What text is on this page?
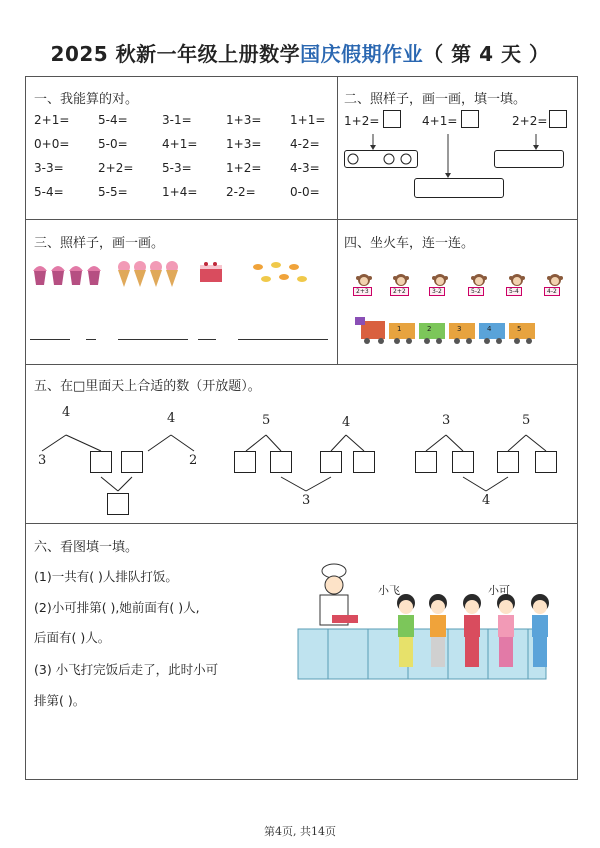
2025 秋新一年级上册数学国庆假期作业（ 第 4 天 ）
一、我能算的对。
2+1= 5-4=	3-1=	1+3= 1+1=
0+0= 5-0=	4+1= 1+3= 4-2=
3-3=	2+2= 5-3=	1+2= 4-3=
5-4=	5-5=	1+4= 2-2=	0-0=
二、照样子，画一画，填一填。
1+2=	4+1=	2+2=
三、照样子，画一画。	四、坐火车，连一连。
2+3	2+2	3-2	5-2	5-4	4-2
1	2	3	4	5
五、在□里面天上合适的数（开放题）。
4	4
3	2
5	4
3
3	5
4
六、看图填一填。
(1)一共有( )人排队打饭。
(2)小可排第( ),她前面有( )人,
后面有( )人。
(3) 小飞打完饭后走了，此时小可
排第( )。
小飞	小可
第4页, 共14页
